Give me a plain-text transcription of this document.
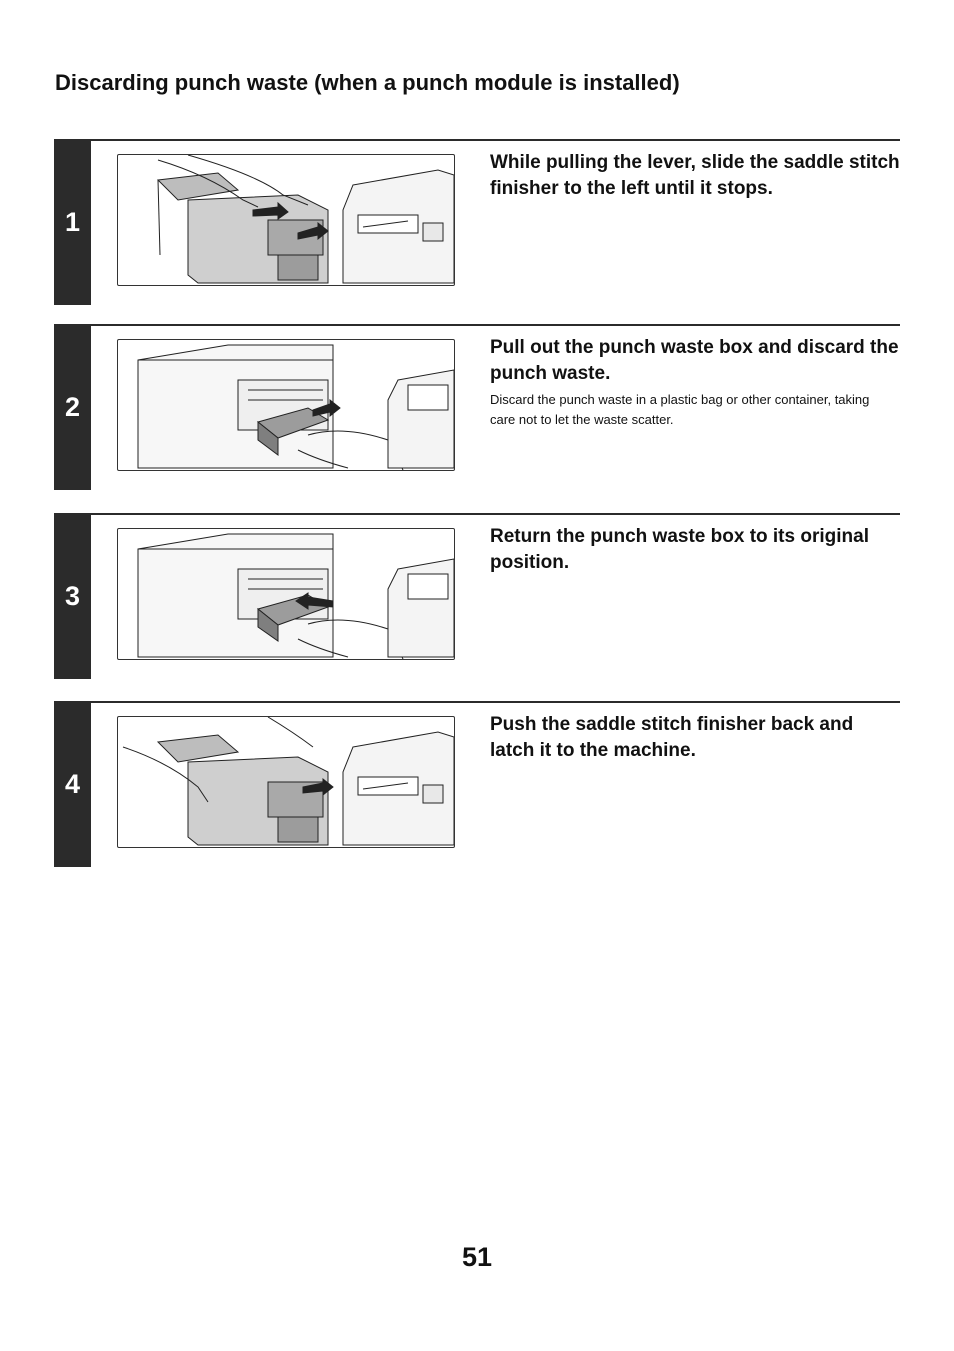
Discarding punch waste (when a punch module is installed)
1
While pulling the lever, slide the saddle stitch finisher to the left until it stops.
2
Pull out the punch waste box and discard the punch waste.
Discard the punch waste in a plastic bag or other container, taking care not to let the waste scatter.
3
Return the punch waste box to its original position.
4
Push the saddle stitch finisher back and latch it to the machine.
51
